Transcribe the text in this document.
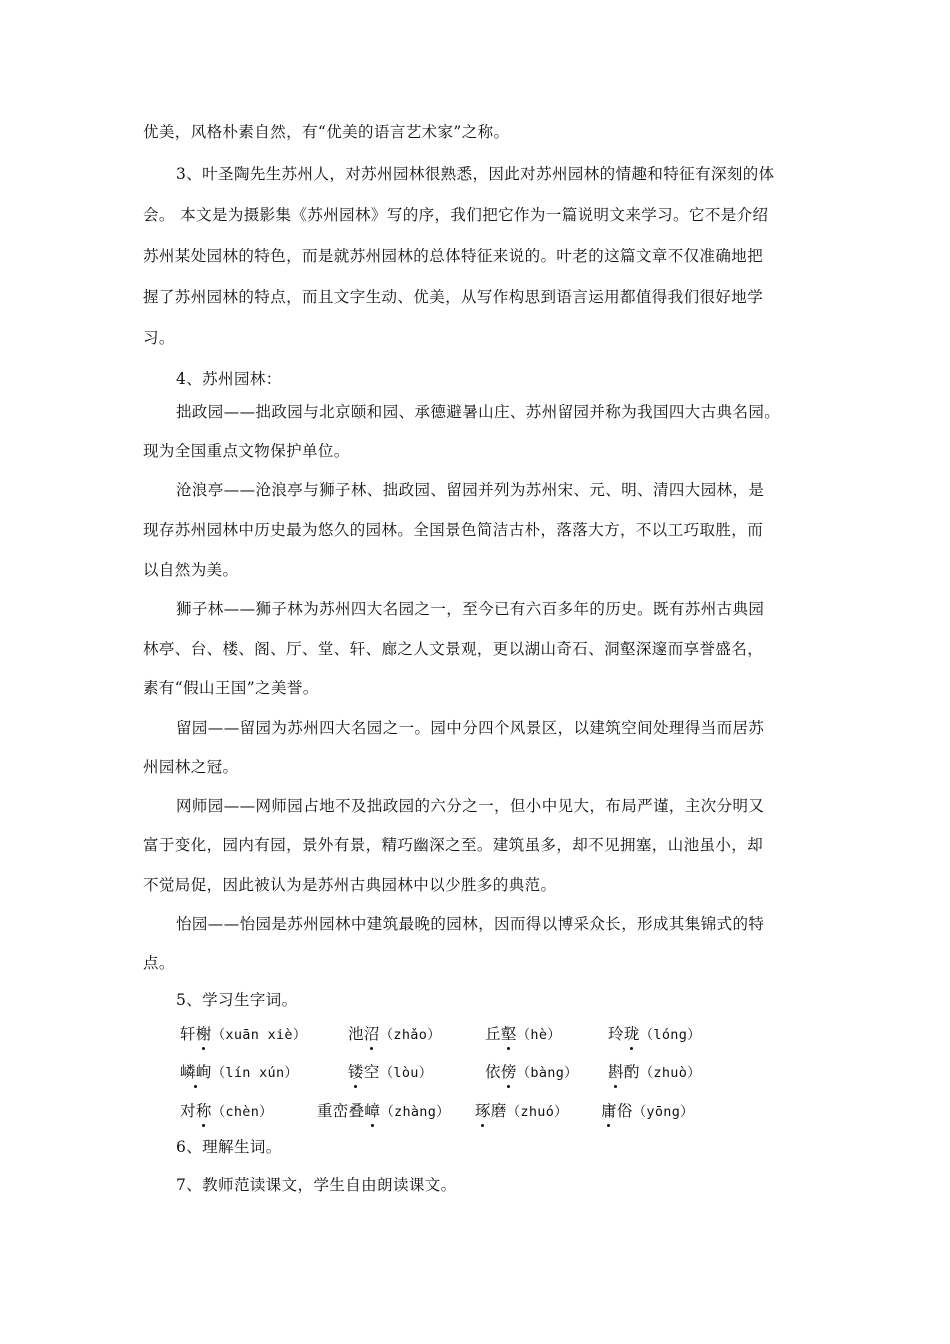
优美，风格朴素自然，有“优美的语言艺术家”之称。
3、叶圣陶先生苏州人，对苏州园林很熟悉，因此对苏州园林的情趣和特征有深刻的体
会。 本文是为摄影集《苏州园林》写的序，我们把它作为一篇说明文来学习。它不是介绍
苏州某处园林的特色，而是就苏州园林的总体特征来说的。叶老的这篇文章不仅准确地把
握了苏州园林的特点，而且文字生动、优美，从写作构思到语言运用都值得我们很好地学
习。
4、苏州园林：
拙政园——拙政园与北京颐和园、承德避暑山庄、苏州留园并称为我国四大古典名园。
现为全国重点文物保护单位。
沧浪亭——沧浪亭与狮子林、拙政园、留园并列为苏州宋、元、明、清四大园林，是
现存苏州园林中历史最为悠久的园林。全国景色简洁古朴，落落大方，不以工巧取胜，而
以自然为美。
狮子林——狮子林为苏州四大名园之一，至今已有六百多年的历史。既有苏州古典园
林亭、台、楼、阁、厅、堂、轩、廊之人文景观，更以湖山奇石、洞壑深邃而享誉盛名，
素有“假山王国”之美誉。
留园——留园为苏州四大名园之一。园中分四个风景区，以建筑空间处理得当而居苏
州园林之冠。
网师园——网师园占地不及拙政园的六分之一，但小中见大，布局严谨，主次分明又
富于变化，园内有园，景外有景，精巧幽深之至。建筑虽多，却不见拥塞，山池虽小，却
不觉局促，因此被认为是苏州古典园林中以少胜多的典范。
怡园——怡园是苏州园林中建筑最晚的园林，因而得以博采众长，形成其集锦式的特
点。
5、学习生字词。
轩榭（xuān xiè）	池沼（zhǎo）	丘壑（hè）	玲珑（lóng）
嶙峋（lín xún）	镂空（lòu）	依傍（bàng） 斟酌（zhuò）
对称（chèn）	重峦叠嶂（zhàng） 琢磨（zhuó） 庸俗（yōng）
6、理解生词。
7、教师范读课文，学生自由朗读课文。
